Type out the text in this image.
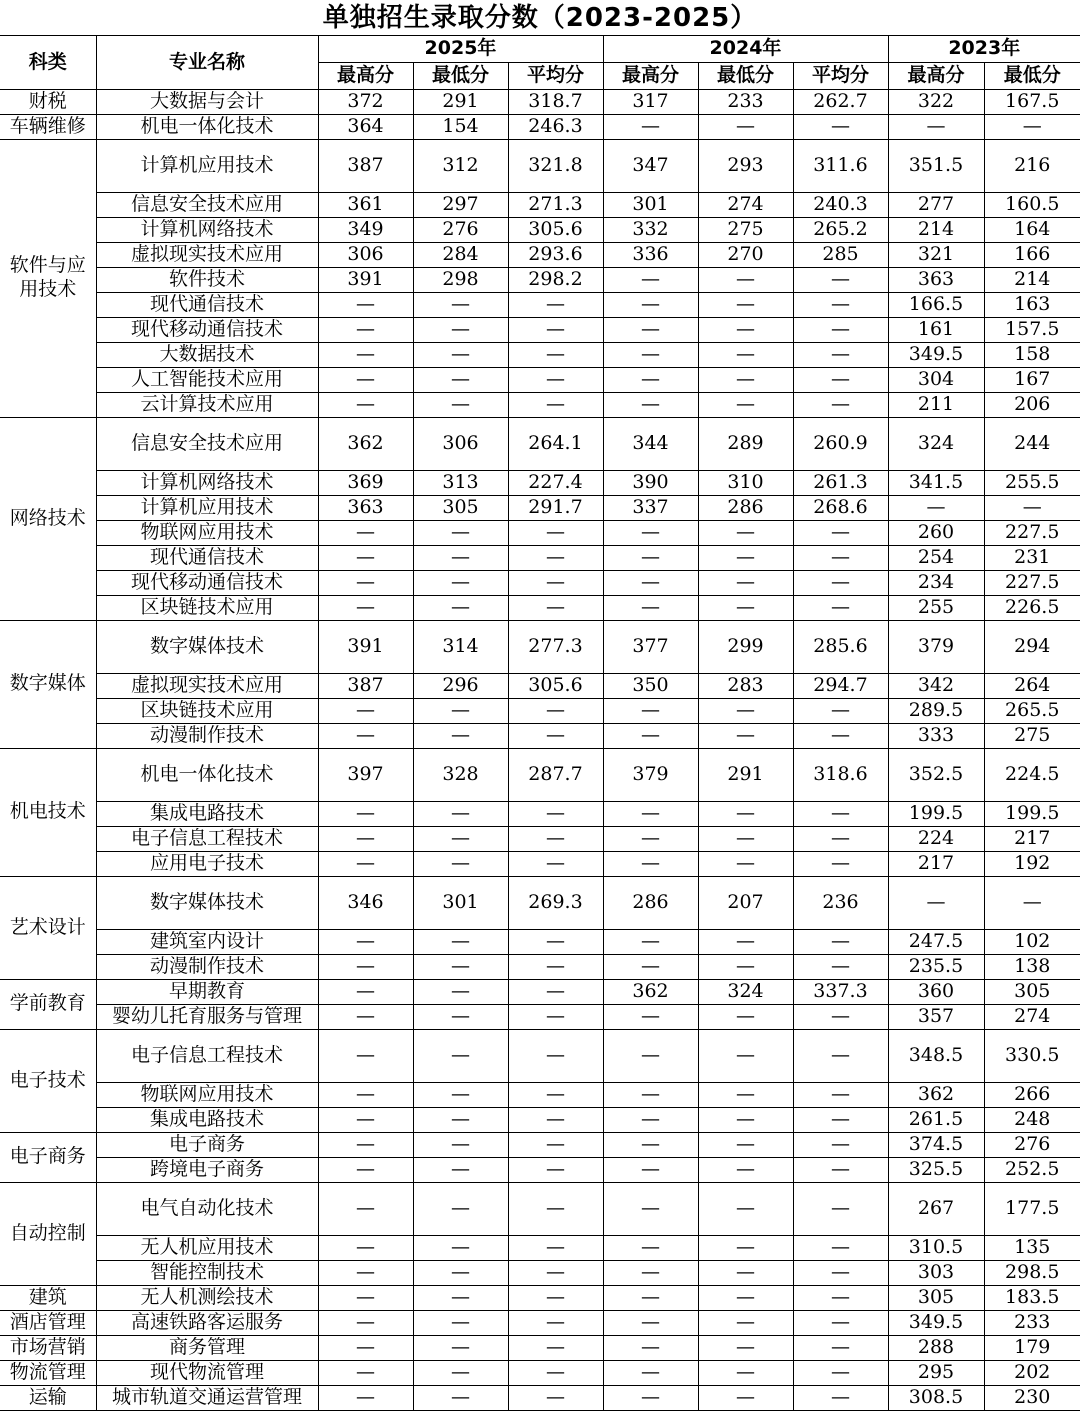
单独招生录取分数（2023-2025）
科类	专业名称	2025年			2024年			2023年	
		最高分	最低分	平均分	最高分	最低分	平均分	最高分	最低分
财税	大数据与会计	372	291	318.7	317	233	262.7	322	167.5
车辆维修	机电一体化技术	364	154	246.3	—	—	—	—	—
软件与应用技术	计算机应用技术	387	312	321.8	347	293	311.6	351.5	216
	信息安全技术应用	361	297	271.3	301	274	240.3	277	160.5
	计算机网络技术	349	276	305.6	332	275	265.2	214	164
	虚拟现实技术应用	306	284	293.6	336	270	285	321	166
	软件技术	391	298	298.2	—	—	—	363	214
	现代通信技术	—	—	—	—	—	—	166.5	163
	现代移动通信技术	—	—	—	—	—	—	161	157.5
	大数据技术	—	—	—	—	—	—	349.5	158
	人工智能技术应用	—	—	—	—	—	—	304	167
	云计算技术应用	—	—	—	—	—	—	211	206
网络技术	信息安全技术应用	362	306	264.1	344	289	260.9	324	244
	计算机网络技术	369	313	227.4	390	310	261.3	341.5	255.5
	计算机应用技术	363	305	291.7	337	286	268.6	—	—
	物联网应用技术	—	—	—	—	—	—	260	227.5
	现代通信技术	—	—	—	—	—	—	254	231
	现代移动通信技术	—	—	—	—	—	—	234	227.5
	区块链技术应用	—	—	—	—	—	—	255	226.5
数字媒体	数字媒体技术	391	314	277.3	377	299	285.6	379	294
	虚拟现实技术应用	387	296	305.6	350	283	294.7	342	264
	区块链技术应用	—	—	—	—	—	—	289.5	265.5
	动漫制作技术	—	—	—	—	—	—	333	275
机电技术	机电一体化技术	397	328	287.7	379	291	318.6	352.5	224.5
	集成电路技术	—	—	—	—	—	—	199.5	199.5
	电子信息工程技术	—	—	—	—	—	—	224	217
	应用电子技术	—	—	—	—	—	—	217	192
艺术设计	数字媒体技术	346	301	269.3	286	207	236	—	—
	建筑室内设计	—	—	—	—	—	—	247.5	102
	动漫制作技术	—	—	—	—	—	—	235.5	138
学前教育	早期教育	—	—	—	362	324	337.3	360	305
	婴幼儿托育服务与管理	—	—	—	—	—	—	357	274
电子技术	电子信息工程技术	—	—	—	—	—	—	348.5	330.5
	物联网应用技术	—	—	—	—	—	—	362	266
	集成电路技术	—	—	—	—	—	—	261.5	248
电子商务	电子商务	—	—	—	—	—	—	374.5	276
	跨境电子商务	—	—	—	—	—	—	325.5	252.5
自动控制	电气自动化技术	—	—	—	—	—	—	267	177.5
	无人机应用技术	—	—	—	—	—	—	310.5	135
	智能控制技术	—	—	—	—	—	—	303	298.5
建筑	无人机测绘技术	—	—	—	—	—	—	305	183.5
酒店管理	高速铁路客运服务	—	—	—	—	—	—	349.5	233
市场营销	商务管理	—	—	—	—	—	—	288	179
物流管理	现代物流管理	—	—	—	—	—	—	295	202
运输	城市轨道交通运营管理	—	—	—	—	—	—	308.5	230
